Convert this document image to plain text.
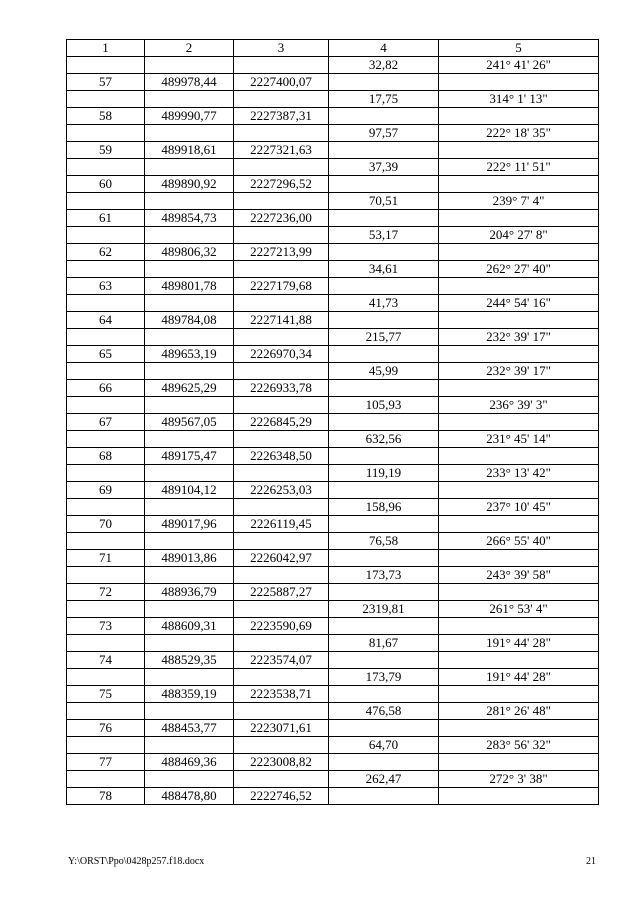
1	2	3	4	5
			32,82	241° 41' 26"
57	489978,44	2227400,07		
			17,75	314° 1' 13"
58	489990,77	2227387,31		
			97,57	222° 18' 35"
59	489918,61	2227321,63		
			37,39	222° 11' 51"
60	489890,92	2227296,52		
			70,51	239° 7' 4"
61	489854,73	2227236,00		
			53,17	204° 27' 8"
62	489806,32	2227213,99		
			34,61	262° 27' 40"
63	489801,78	2227179,68		
			41,73	244° 54' 16"
64	489784,08	2227141,88		
			215,77	232° 39' 17"
65	489653,19	2226970,34		
			45,99	232° 39' 17"
66	489625,29	2226933,78		
			105,93	236° 39' 3"
67	489567,05	2226845,29		
			632,56	231° 45' 14"
68	489175,47	2226348,50		
			119,19	233° 13' 42"
69	489104,12	2226253,03		
			158,96	237° 10' 45"
70	489017,96	2226119,45		
			76,58	266° 55' 40"
71	489013,86	2226042,97		
			173,73	243° 39' 58"
72	488936,79	2225887,27		
			2319,81	261° 53' 4"
73	488609,31	2223590,69		
			81,67	191° 44' 28"
74	488529,35	2223574,07		
			173,79	191° 44' 28"
75	488359,19	2223538,71		
			476,58	281° 26' 48"
76	488453,77	2223071,61		
			64,70	283° 56' 32"
77	488469,36	2223008,82		
			262,47	272° 3' 38"
78	488478,80	2222746,52		
Y:\ORST\Ppo\0428p257.f18.docx	21
